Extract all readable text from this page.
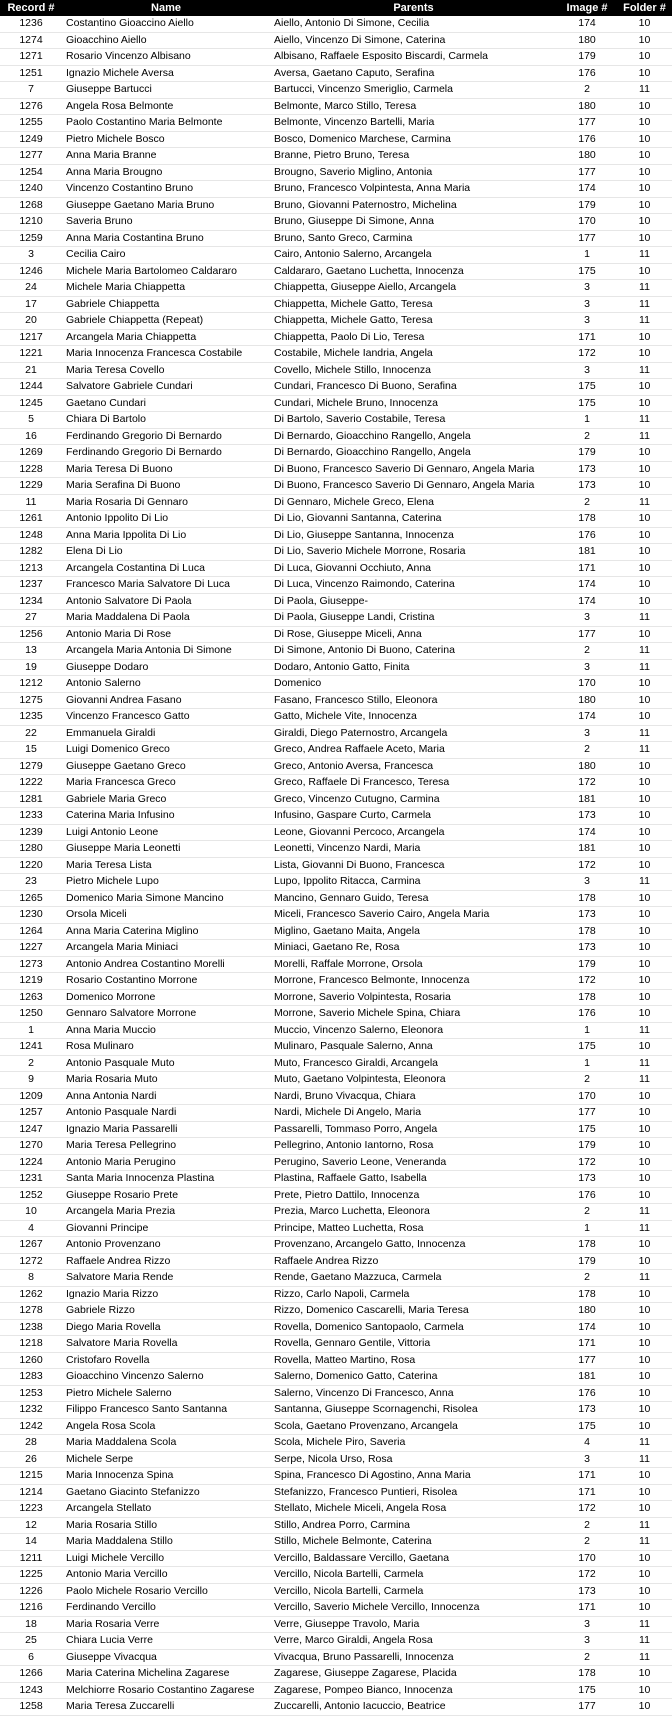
Record #	Name	Parents	Image #	Folder #
1236	Costantino Gioaccino Aiello	Aiello, Antonio Di Simone, Cecilia	174	10
1274	Gioacchino Aiello	Aiello, Vincenzo Di Simone, Caterina	180	10
1271	Rosario Vincenzo Albisano	Albisano, Raffaele Esposito Biscardi, Carmela	179	10
1251	Ignazio Michele Aversa	Aversa, Gaetano Caputo, Serafina	176	10
7	Giuseppe Bartucci	Bartucci, Vincenzo Smeriglio, Carmela	2	11
1276	Angela Rosa Belmonte	Belmonte, Marco Stillo, Teresa	180	10
1255	Paolo Costantino Maria Belmonte	Belmonte, Vincenzo Bartelli, Maria	177	10
1249	Pietro Michele Bosco	Bosco, Domenico Marchese, Carmina	176	10
1277	Anna Maria Branne	Branne, Pietro Bruno, Teresa	180	10
1254	Anna Maria Brougno	Brougno, Saverio Miglino, Antonia	177	10
1240	Vincenzo Costantino Bruno	Bruno, Francesco Volpintesta, Anna Maria	174	10
1268	Giuseppe Gaetano Maria Bruno	Bruno, Giovanni Paternostro, Michelina	179	10
1210	Saveria Bruno	Bruno, Giuseppe Di Simone, Anna	170	10
1259	Anna Maria Costantina Bruno	Bruno, Santo Greco, Carmina	177	10
3	Cecilia Cairo	Cairo, Antonio Salerno, Arcangela	1	11
1246	Michele Maria Bartolomeo Caldararo	Caldararo, Gaetano Luchetta, Innocenza	175	10
24	Michele Maria Chiappetta	Chiappetta, Giuseppe Aiello, Arcangela	3	11
17	Gabriele Chiappetta	Chiappetta, Michele Gatto, Teresa	3	11
20	Gabriele Chiappetta (Repeat)	Chiappetta, Michele Gatto, Teresa	3	11
1217	Arcangela Maria Chiappetta	Chiappetta, Paolo Di Lio, Teresa	171	10
1221	Maria Innocenza Francesca Costabile	Costabile, Michele Iandria, Angela	172	10
21	Maria Teresa Covello	Covello, Michele Stillo, Innocenza	3	11
1244	Salvatore Gabriele Cundari	Cundari, Francesco Di Buono, Serafina	175	10
1245	Gaetano Cundari	Cundari, Michele Bruno, Innocenza	175	10
5	Chiara Di Bartolo	Di Bartolo, Saverio Costabile, Teresa	1	11
16	Ferdinando Gregorio Di Bernardo	Di Bernardo, Gioacchino Rangello, Angela	2	11
1269	Ferdinando Gregorio Di Bernardo	Di Bernardo, Gioacchino Rangello, Angela	179	10
1228	Maria Teresa Di Buono	Di Buono, Francesco Saverio Di Gennaro, Angela Maria	173	10
1229	Maria Serafina Di Buono	Di Buono, Francesco Saverio Di Gennaro, Angela Maria	173	10
11	Maria Rosaria Di Gennaro	Di Gennaro, Michele Greco, Elena	2	11
1261	Antonio Ippolito Di Lio	Di Lio, Giovanni Santanna, Caterina	178	10
1248	Anna Maria Ippolita Di Lio	Di Lio, Giuseppe Santanna, Innocenza	176	10
1282	Elena Di Lio	Di Lio, Saverio Michele Morrone, Rosaria	181	10
1213	Arcangela Costantina Di Luca	Di Luca, Giovanni Occhiuto, Anna	171	10
1237	Francesco Maria Salvatore Di Luca	Di Luca, Vincenzo Raimondo, Caterina	174	10
1234	Antonio Salvatore Di Paola	Di Paola, Giuseppe-	174	10
27	Maria Maddalena Di Paola	Di Paola, Giuseppe Landi, Cristina	3	11
1256	Antonio Maria Di Rose	Di Rose, Giuseppe Miceli, Anna	177	10
13	Arcangela Maria Antonia Di Simone	Di Simone, Antonio Di Buono, Caterina	2	11
19	Giuseppe Dodaro	Dodaro, Antonio Gatto, Finita	3	11
1212	Antonio Salerno	Domenico	170	10
1275	Giovanni Andrea Fasano	Fasano, Francesco Stillo, Eleonora	180	10
1235	Vincenzo Francesco Gatto	Gatto, Michele Vite, Innocenza	174	10
22	Emmanuela Giraldi	Giraldi, Diego Paternostro, Arcangela	3	11
15	Luigi Domenico Greco	Greco, Andrea Raffaele Aceto, Maria	2	11
1279	Giuseppe Gaetano Greco	Greco, Antonio Aversa, Francesca	180	10
1222	Maria Francesca Greco	Greco, Raffaele Di Francesco, Teresa	172	10
1281	Gabriele Maria Greco	Greco, Vincenzo Cutugno, Carmina	181	10
1233	Caterina Maria Infusino	Infusino, Gaspare Curto, Carmela	173	10
1239	Luigi Antonio Leone	Leone, Giovanni Percoco, Arcangela	174	10
1280	Giuseppe Maria Leonetti	Leonetti, Vincenzo Nardi, Maria	181	10
1220	Maria Teresa Lista	Lista, Giovanni Di Buono, Francesca	172	10
23	Pietro Michele Lupo	Lupo, Ippolito Ritacca, Carmina	3	11
1265	Domenico Maria Simone Mancino	Mancino, Gennaro Guido, Teresa	178	10
1230	Orsola Miceli	Miceli, Francesco Saverio Cairo, Angela Maria	173	10
1264	Anna Maria Caterina Miglino	Miglino, Gaetano Maita, Angela	178	10
1227	Arcangela Maria Miniaci	Miniaci, Gaetano Re, Rosa	173	10
1273	Antonio Andrea Costantino Morelli	Morelli, Raffale Morrone, Orsola	179	10
1219	Rosario Costantino Morrone	Morrone, Francesco Belmonte, Innocenza	172	10
1263	Domenico Morrone	Morrone, Saverio Volpintesta, Rosaria	178	10
1250	Gennaro Salvatore Morrone	Morrone, Saverio Michele Spina, Chiara	176	10
1	Anna Maria Muccio	Muccio, Vincenzo Salerno, Eleonora	1	11
1241	Rosa Mulinaro	Mulinaro, Pasquale Salerno, Anna	175	10
2	Antonio Pasquale Muto	Muto, Francesco Giraldi, Arcangela	1	11
9	Maria Rosaria Muto	Muto, Gaetano Volpintesta, Eleonora	2	11
1209	Anna Antonia Nardi	Nardi, Bruno Vivacqua, Chiara	170	10
1257	Antonio Pasquale Nardi	Nardi, Michele Di Angelo, Maria	177	10
1247	Ignazio Maria Passarelli	Passarelli, Tommaso Porro, Angela	175	10
1270	Maria Teresa Pellegrino	Pellegrino, Antonio Iantorno, Rosa	179	10
1224	Antonio Maria Perugino	Perugino, Saverio Leone, Veneranda	172	10
1231	Santa Maria Innocenza Plastina	Plastina, Raffaele Gatto, Isabella	173	10
1252	Giuseppe Rosario Prete	Prete, Pietro Dattilo, Innocenza	176	10
10	Arcangela Maria Prezia	Prezia, Marco Luchetta, Eleonora	2	11
4	Giovanni Principe	Principe, Matteo Luchetta, Rosa	1	11
1267	Antonio Provenzano	Provenzano, Arcangelo Gatto, Innocenza	178	10
1272	Raffaele Andrea Rizzo	Raffaele Andrea Rizzo	179	10
8	Salvatore Maria Rende	Rende, Gaetano Mazzuca, Carmela	2	11
1262	Ignazio Maria Rizzo	Rizzo, Carlo Napoli, Carmela	178	10
1278	Gabriele Rizzo	Rizzo, Domenico Cascarelli, Maria Teresa	180	10
1238	Diego Maria Rovella	Rovella, Domenico Santopaolo, Carmela	174	10
1218	Salvatore Maria Rovella	Rovella, Gennaro Gentile, Vittoria	171	10
1260	Cristofaro Rovella	Rovella, Matteo Martino, Rosa	177	10
1283	Gioacchino Vincenzo Salerno	Salerno, Domenico Gatto, Caterina	181	10
1253	Pietro Michele Salerno	Salerno, Vincenzo Di Francesco, Anna	176	10
1232	Filippo Francesco Santo Santanna	Santanna, Giuseppe Scornagenchi, Risolea	173	10
1242	Angela Rosa Scola	Scola, Gaetano Provenzano, Arcangela	175	10
28	Maria Maddalena Scola	Scola, Michele Piro, Saveria	4	11
26	Michele Serpe	Serpe, Nicola Urso, Rosa	3	11
1215	Maria Innocenza Spina	Spina, Francesco Di Agostino, Anna Maria	171	10
1214	Gaetano Giacinto Stefanizzo	Stefanizzo, Francesco Puntieri, Risolea	171	10
1223	Arcangela Stellato	Stellato, Michele Miceli, Angela Rosa	172	10
12	Maria Rosaria Stillo	Stillo, Andrea Porro, Carmina	2	11
14	Maria Maddalena Stillo	Stillo, Michele Belmonte, Caterina	2	11
1211	Luigi Michele Vercillo	Vercillo, Baldassare Vercillo, Gaetana	170	10
1225	Antonio Maria Vercillo	Vercillo, Nicola Bartelli, Carmela	172	10
1226	Paolo Michele Rosario Vercillo	Vercillo, Nicola Bartelli, Carmela	173	10
1216	Ferdinando Vercillo	Vercillo, Saverio Michele Vercillo, Innocenza	171	10
18	Maria Rosaria Verre	Verre, Giuseppe Travolo, Maria	3	11
25	Chiara Lucia Verre	Verre, Marco Giraldi, Angela Rosa	3	11
6	Giuseppe Vivacqua	Vivacqua, Bruno Passarelli, Innocenza	2	11
1266	Maria Caterina Michelina Zagarese	Zagarese, Giuseppe Zagarese, Placida	178	10
1243	Melchiorre Rosario Costantino Zagarese	Zagarese, Pompeo Bianco, Innocenza	175	10
1258	Maria Teresa Zuccarelli	Zuccarelli, Antonio Iacuccio, Beatrice	177	10
